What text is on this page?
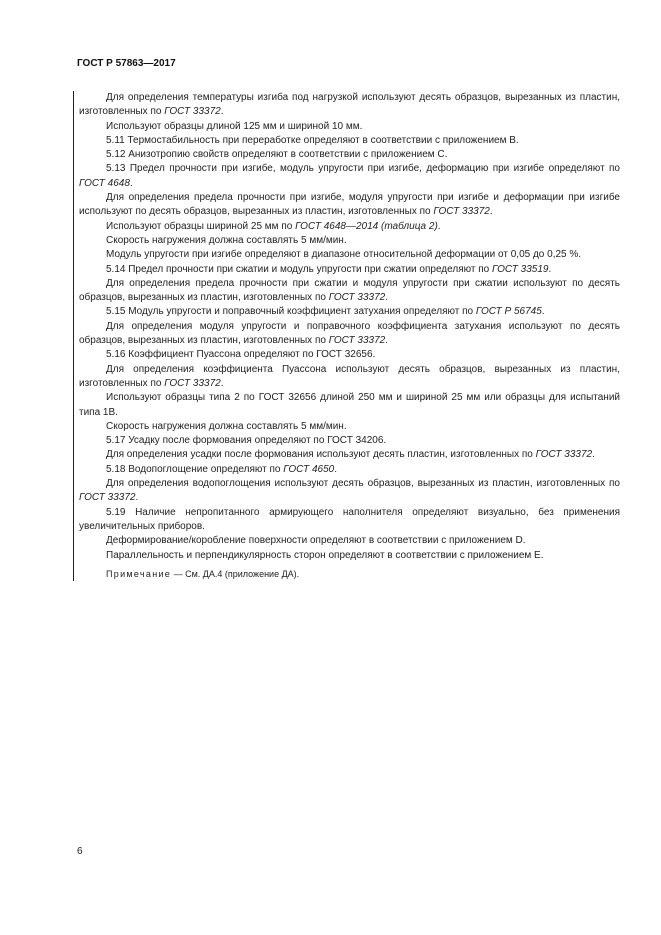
ГОСТ Р 57863—2017

Для определения температуры изгиба под нагрузкой используют десять образцов, вырезанных из пластин, изготовленных по ГОСТ 33372.

Используют образцы длиной 125 мм и шириной 10 мм.

5.11 Термостабильность при переработке определяют в соответствии с приложением В.

5.12 Анизотропию свойств определяют в соответствии с приложением С.

5.13 Предел прочности при изгибе, модуль упругости при изгибе, деформацию при изгибе определяют по ГОСТ 4648.

Для определения предела прочности при изгибе, модуля упругости при изгибе и деформации при изгибе используют по десять образцов, вырезанных из пластин, изготовленных по ГОСТ 33372.

Используют образцы шириной 25 мм по ГОСТ 4648—2014 (таблица 2).

Скорость нагружения должна составлять 5 мм/мин.

Модуль упругости при изгибе определяют в диапазоне относительной деформации от 0,05 до 0,25 %.

5.14 Предел прочности при сжатии и модуль упругости при сжатии определяют по ГОСТ 33519.

Для определения предела прочности при сжатии и модуля упругости при сжатии используют по десять образцов, вырезанных из пластин, изготовленных по ГОСТ 33372.

5.15 Модуль упругости и поправочный коэффициент затухания определяют по ГОСТ Р 56745.

Для определения модуля упругости и поправочного коэффициента затухания используют по десять образцов, вырезанных из пластин, изготовленных по ГОСТ 33372.

5.16 Коэффициент Пуассона определяют по ГОСТ 32656.

Для определения коэффициента Пуассона используют десять образцов, вырезанных из пластин, изготовленных по ГОСТ 33372.

Используют образцы типа 2 по ГОСТ 32656 длиной 250 мм и шириной 25 мм или образцы для испытаний типа 1В.

Скорость нагружения должна составлять 5 мм/мин.

5.17 Усадку после формования определяют по ГОСТ 34206.

Для определения усадки после формования используют десять пластин, изготовленных по ГОСТ 33372.

5.18 Водопоглощение определяют по ГОСТ 4650.

Для определения водопоглощения используют десять образцов, вырезанных из пластин, изготовленных по ГОСТ 33372.

5.19 Наличие непропитанного армирующего наполнителя определяют визуально, без применения увеличительных приборов.

Деформирование/коробление поверхности определяют в соответствии с приложением D.

Параллельность и перпендикулярность сторон определяют в соответствии с приложением Е.

Примечание — См. ДА.4 (приложение ДА).

6
